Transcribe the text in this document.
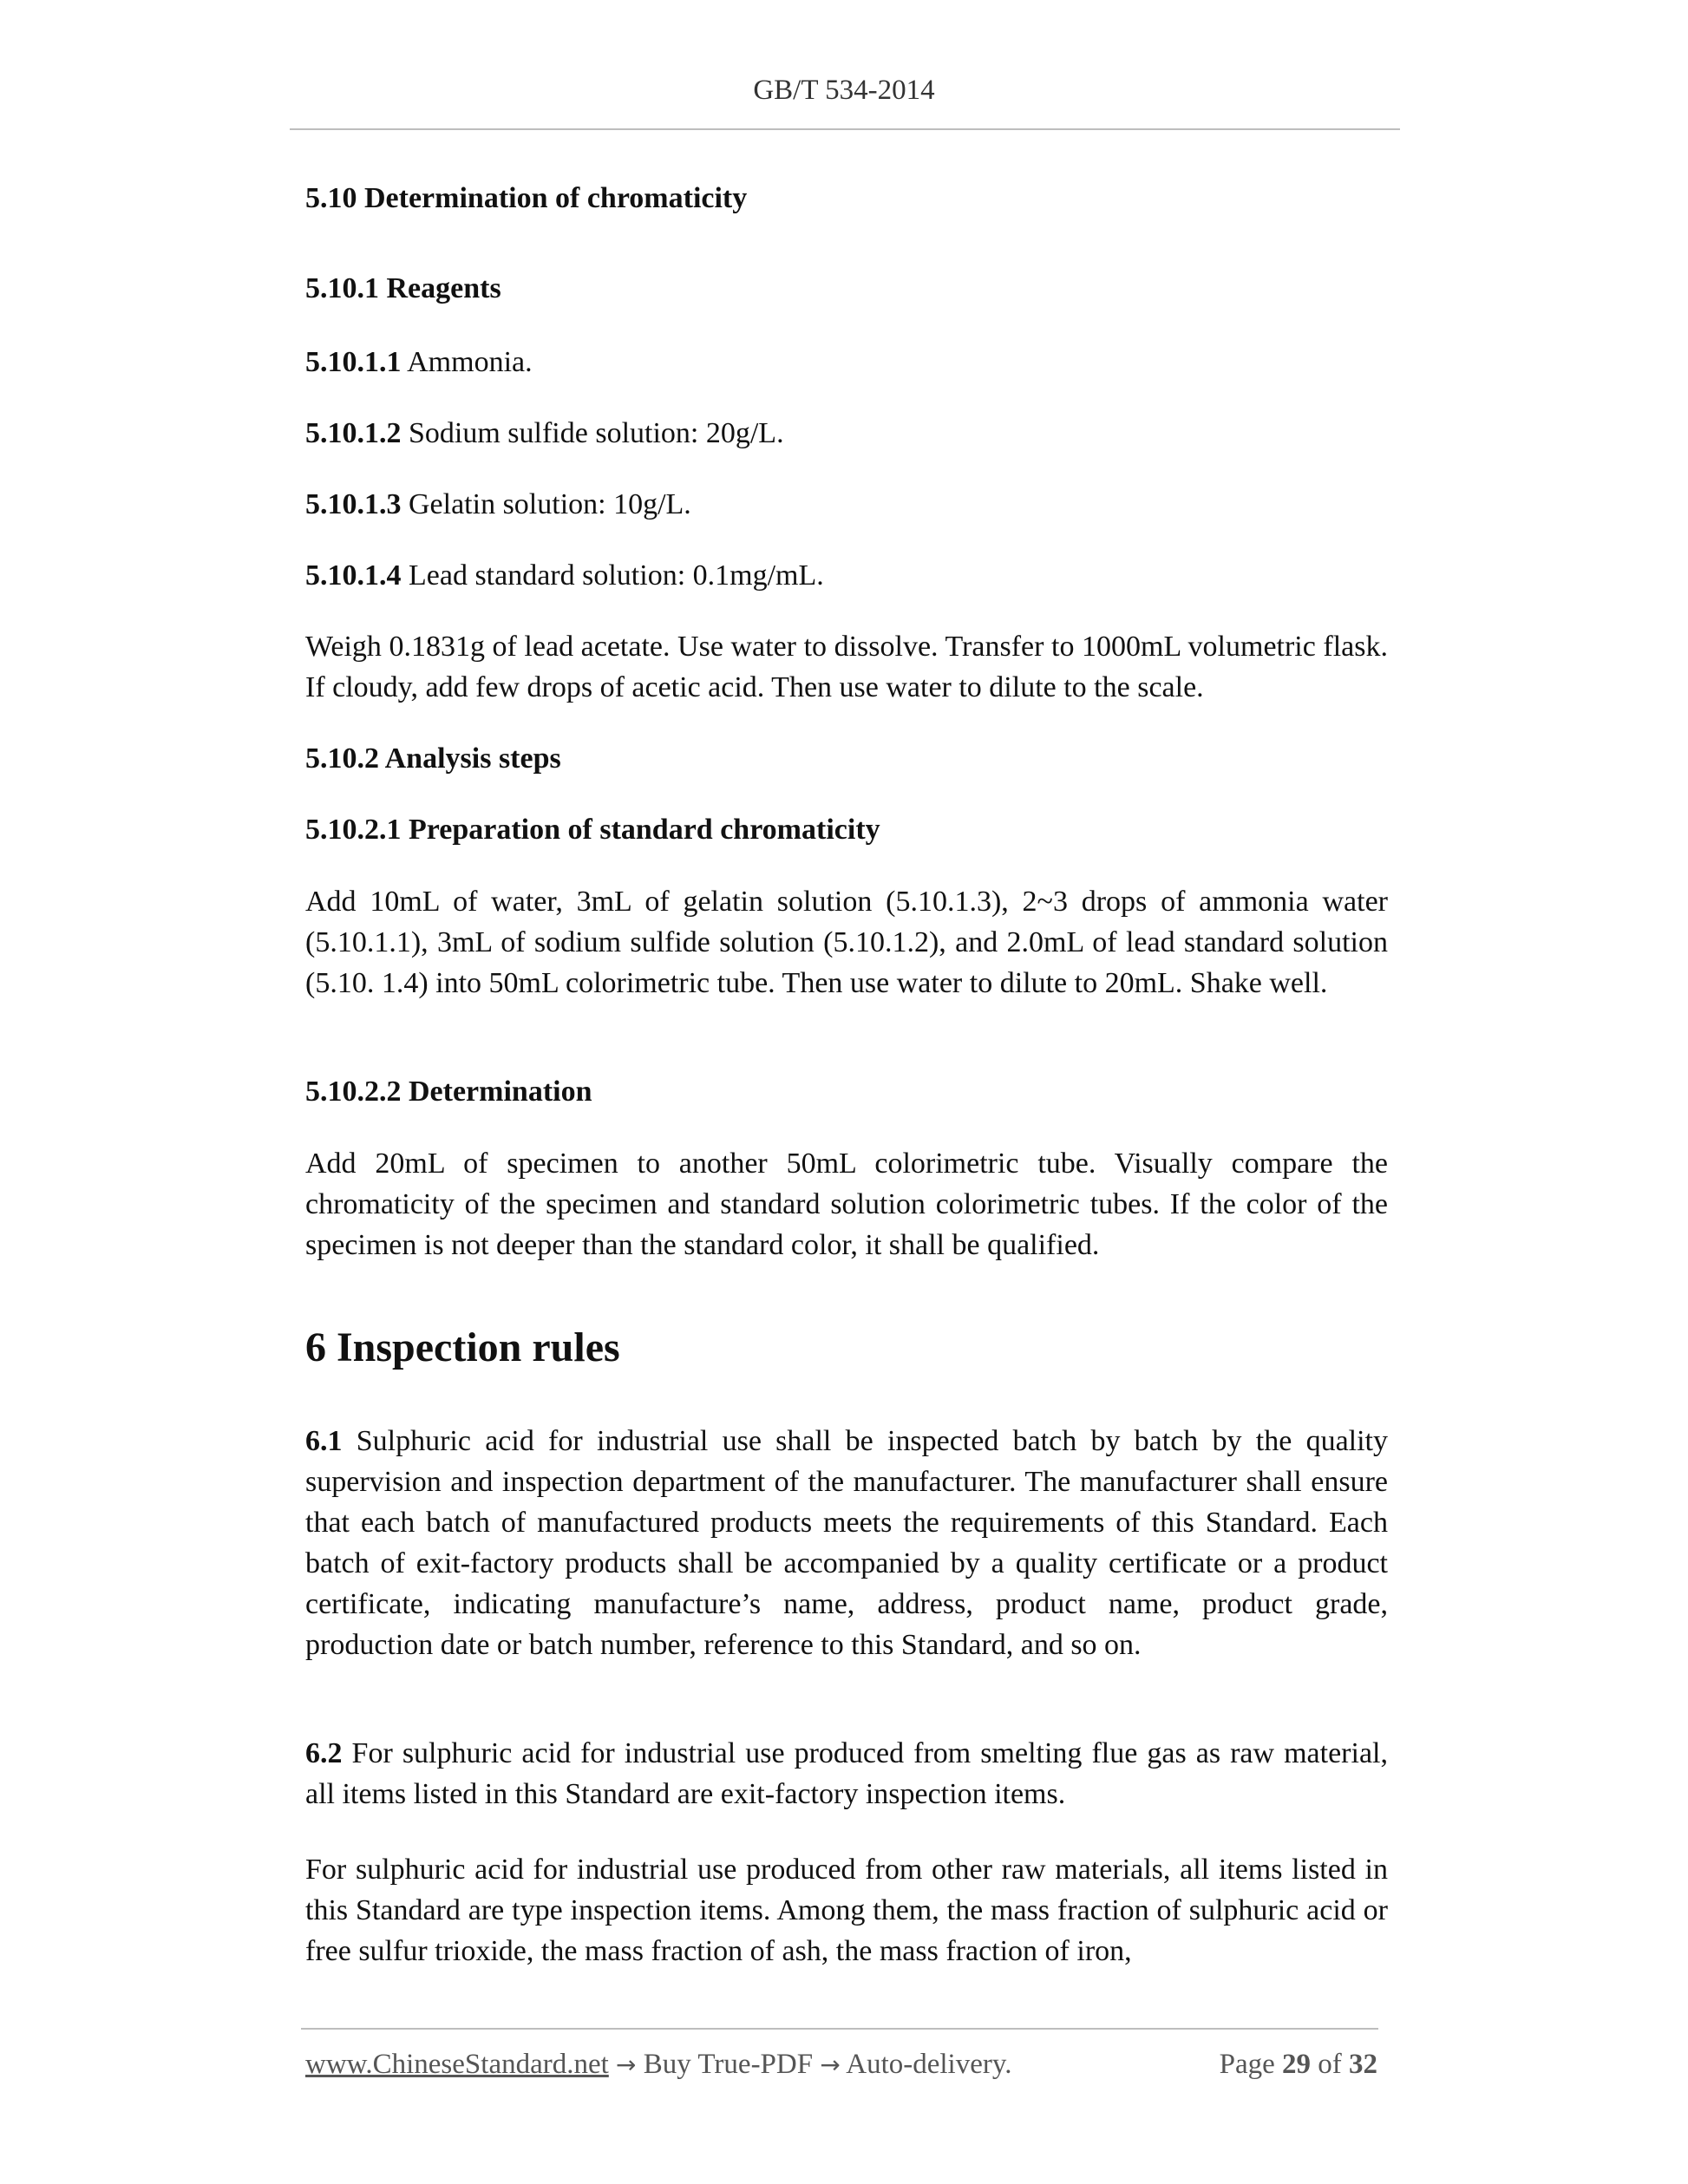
GB/T 534-2014

5.10 Determination of chromaticity

5.10.1 Reagents

5.10.1.1 Ammonia.

5.10.1.2 Sodium sulfide solution: 20g/L.

5.10.1.3 Gelatin solution: 10g/L.

5.10.1.4 Lead standard solution: 0.1mg/mL.

Weigh 0.1831g of lead acetate. Use water to dissolve. Transfer to 1000mL volumetric flask. If cloudy, add few drops of acetic acid. Then use water to dilute to the scale.

5.10.2 Analysis steps

5.10.2.1 Preparation of standard chromaticity

Add 10mL of water, 3mL of gelatin solution (5.10.1.3), 2~3 drops of ammonia water (5.10.1.1), 3mL of sodium sulfide solution (5.10.1.2), and 2.0mL of lead standard solution (5.10. 1.4) into 50mL colorimetric tube. Then use water to dilute to 20mL. Shake well.

5.10.2.2 Determination

Add 20mL of specimen to another 50mL colorimetric tube. Visually compare the chromaticity of the specimen and standard solution colorimetric tubes. If the color of the specimen is not deeper than the standard color, it shall be qualified.

6 Inspection rules

6.1 Sulphuric acid for industrial use shall be inspected batch by batch by the quality supervision and inspection department of the manufacturer. The manufacturer shall ensure that each batch of manufactured products meets the requirements of this Standard. Each batch of exit-factory products shall be accompanied by a quality certificate or a product certificate, indicating manufacture’s name, address, product name, product grade, production date or batch number, reference to this Standard, and so on.

6.2 For sulphuric acid for industrial use produced from smelting flue gas as raw material, all items listed in this Standard are exit-factory inspection items.

For sulphuric acid for industrial use produced from other raw materials, all items listed in this Standard are type inspection items. Among them, the mass fraction of sulphuric acid or free sulfur trioxide, the mass fraction of ash, the mass fraction of iron,

www.ChineseStandard.net → Buy True-PDF → Auto-delivery.	Page 29 of 32
